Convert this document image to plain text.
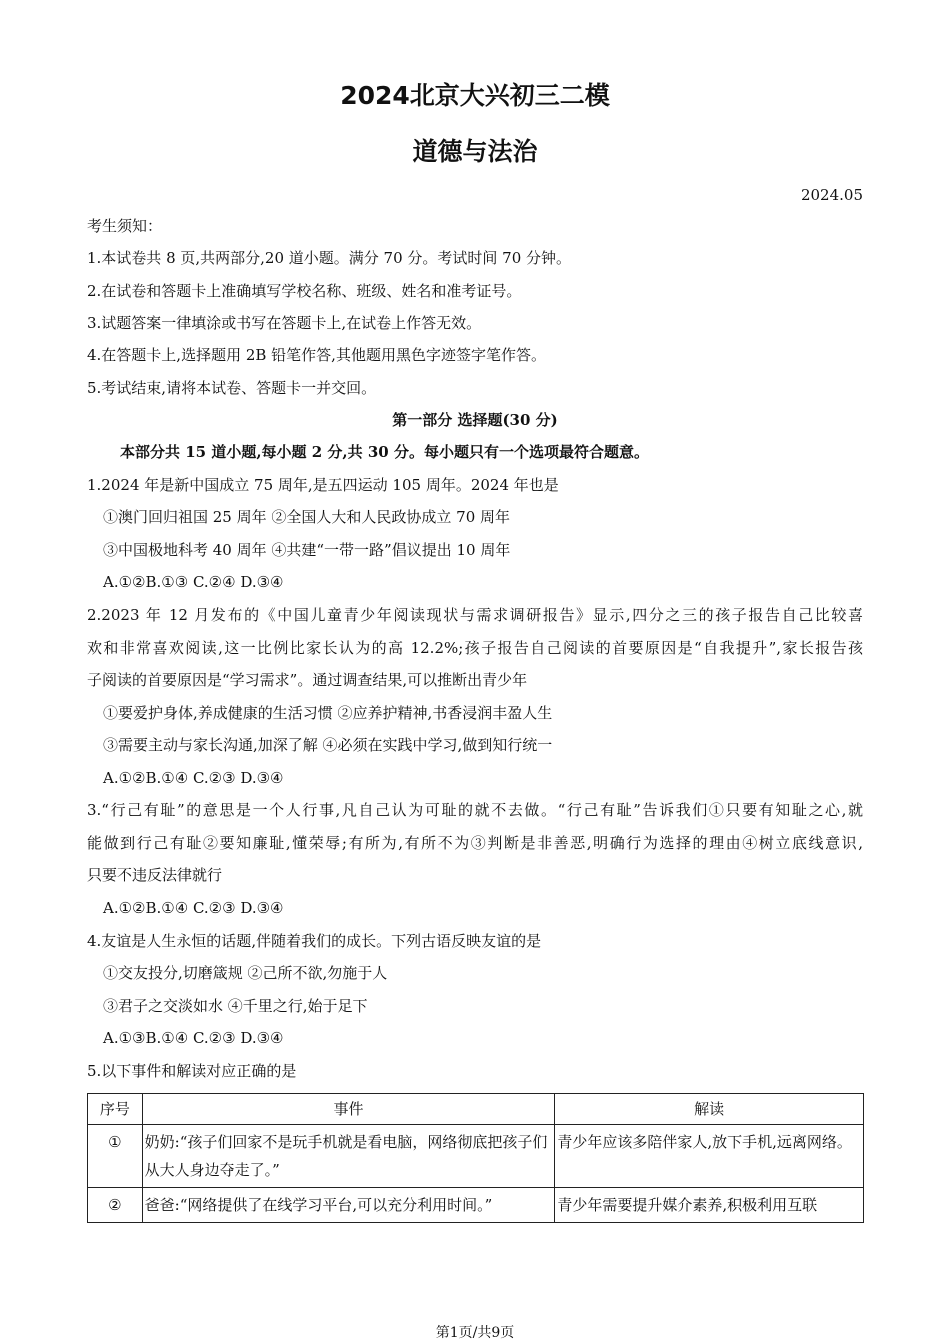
2024北京大兴初三二模
道德与法治
2024.05
考生须知：
1.本试卷共 8 页,共两部分,20 道小题。满分 70 分。考试时间 70 分钟。
2.在试卷和答题卡上准确填写学校名称、班级、姓名和准考证号。
3.试题答案一律填涂或书写在答题卡上,在试卷上作答无效。
4.在答题卡上,选择题用 2B 铅笔作答,其他题用黑色字迹签字笔作答。
5.考试结束,请将本试卷、答题卡一并交回。
第一部分 选择题(30 分)
本部分共 15 道小题,每小题 2 分,共 30 分。每小题只有一个选项最符合题意。
1.2024 年是新中国成立 75 周年,是五四运动 105 周年。2024 年也是
①澳门回归祖国 25 周年 ②全国人大和人民政协成立 70 周年
③中国极地科考 40 周年 ④共建“一带一路”倡议提出 10 周年
A.①②B.①③ C.②④ D.③④
2.2023 年 12 月发布的《中国儿童青少年阅读现状与需求调研报告》显示,四分之三的孩子报告自己比较喜
欢和非常喜欢阅读,这一比例比家长认为的高 12.2%;孩子报告自己阅读的首要原因是“自我提升”,家长报告孩
子阅读的首要原因是“学习需求”。通过调查结果,可以推断出青少年
①要爱护身体,养成健康的生活习惯 ②应养护精神,书香浸润丰盈人生
③需要主动与家长沟通,加深了解 ④必须在实践中学习,做到知行统一
A.①②B.①④ C.②③ D.③④
3.“行己有耻”的意思是一个人行事,凡自己认为可耻的就不去做。“行己有耻”告诉我们①只要有知耻之心,就
能做到行己有耻②要知廉耻,懂荣辱;有所为,有所不为③判断是非善恶,明确行为选择的理由④树立底线意识,
只要不违反法律就行
A.①②B.①④ C.②③ D.③④
4.友谊是人生永恒的话题,伴随着我们的成长。下列古语反映友谊的是
①交友投分,切磨箴规 ②己所不欲,勿施于人
③君子之交淡如水 ④千里之行,始于足下
A.①③B.①④ C.②③ D.③④
5.以下事件和解读对应正确的是
序号	事件	解读
①	奶奶:“孩子们回家不是玩手机就是看电脑，网络彻底把孩子们从大人身边夺走了。”	青少年应该多陪伴家人,放下手机,远离网络。
②	爸爸:“网络提供了在线学习平台,可以充分利用时间。”	青少年需要提升媒介素养,积极利用互联
第1页/共9页
